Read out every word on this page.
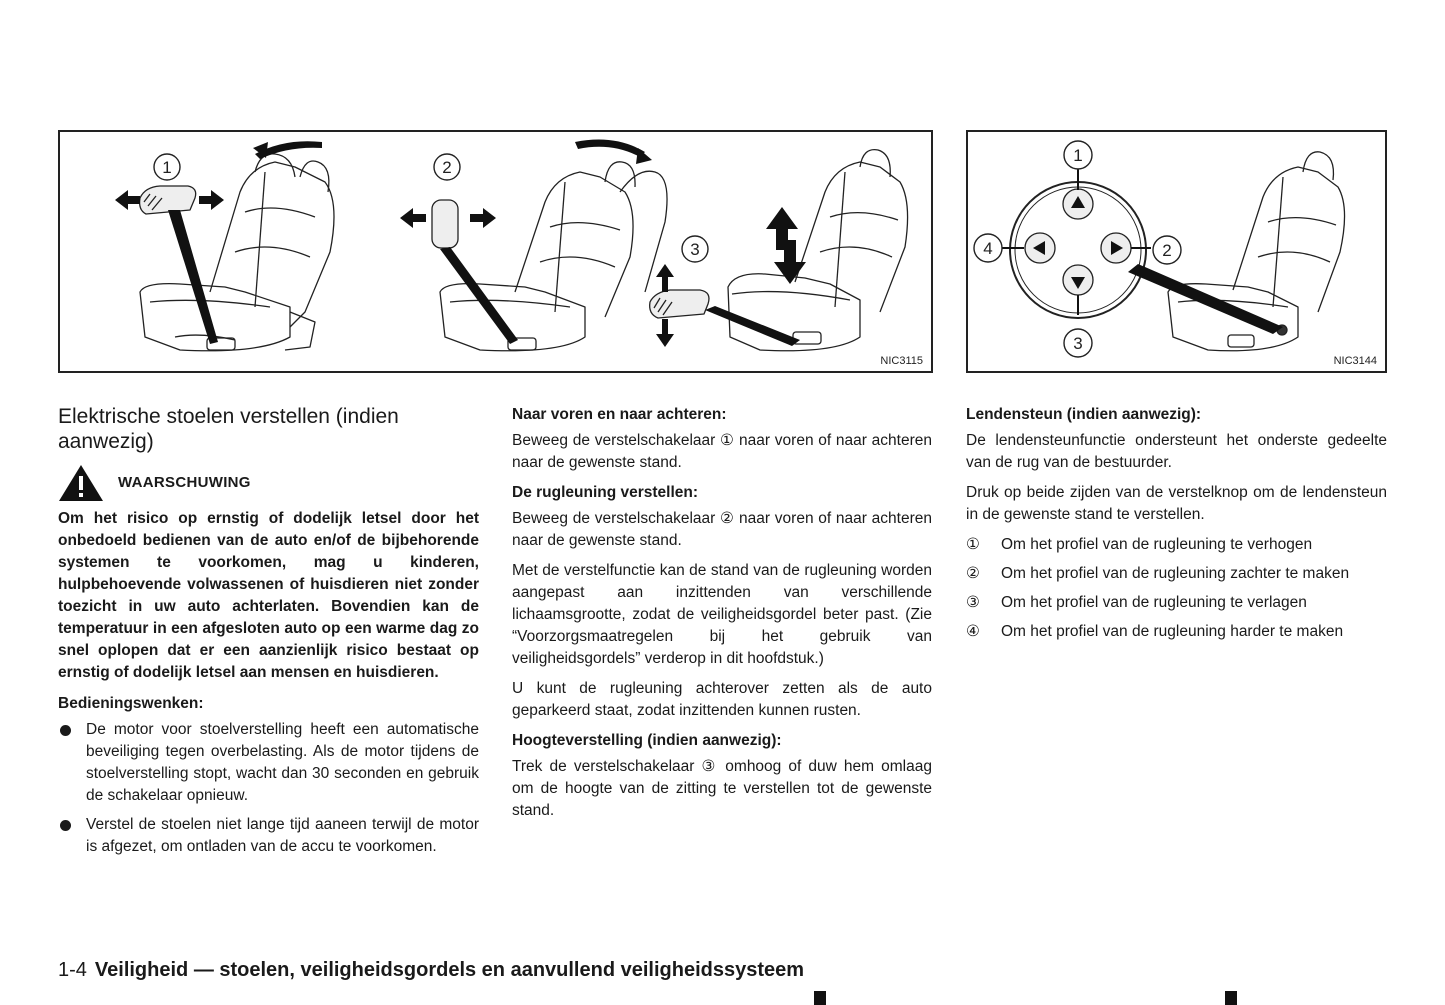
1	2
3
NIC3115
1
2
3
4
NIC3144
Elektrische stoelen verstellen (indien aanwezig)
WAARSCHUWING

Om het risico op ernstig of dodelijk letsel door het onbedoeld bedienen van de auto en/of de bijbehorende systemen te voorkomen, mag u kinderen, hulpbehoevende volwassenen of huisdieren niet zonder toezicht in uw auto achterlaten. Bovendien kan de temperatuur in een afgesloten auto op een warme dag zo snel oplopen dat er een aanzienlijk risico bestaat op ernstig of dodelijk letsel aan mensen en huisdieren.

Bedieningswenken:
De motor voor stoelverstelling heeft een automatische beveiliging tegen overbelasting. Als de motor tijdens de stoelverstelling stopt, wacht dan 30 seconden en gebruik de schakelaar opnieuw.
Verstel de stoelen niet lange tijd aaneen terwijl de motor is afgezet, om ontladen van de accu te voorkomen.
Naar voren en naar achteren:

Beweeg de verstelschakelaar ① naar voren of naar achteren naar de gewenste stand.

De rugleuning verstellen:

Beweeg de verstelschakelaar ② naar voren of naar achteren naar de gewenste stand.

Met de verstelfunctie kan de stand van de rugleuning worden aangepast aan inzittenden van verschillende lichaamsgrootte, zodat de veiligheidsgordel beter past. (Zie “Voorzorgsmaatregelen bij het gebruik van veiligheidsgordels” verderop in dit hoofdstuk.)

U kunt de rugleuning achterover zetten als de auto geparkeerd staat, zodat inzittenden kunnen rusten.

Hoogteverstelling (indien aanwezig):

Trek de verstelschakelaar ③ omhoog of duw hem omlaag om de hoogte van de zitting te verstellen tot de gewenste stand.

Lendensteun (indien aanwezig):

De lendensteunfunctie ondersteunt het onderste gedeelte van de rug van de bestuurder.

Druk op beide zijden van de verstelknop om de lendensteun in de gewenste stand te verstellen.

① Om het profiel van de rugleuning te verhogen
② Om het profiel van de rugleuning zachter te maken
③ Om het profiel van de rugleuning te verlagen
④ Om het profiel van de rugleuning harder te maken
1-4 Veiligheid — stoelen, veiligheidsgordels en aanvullend veiligheidssysteem
